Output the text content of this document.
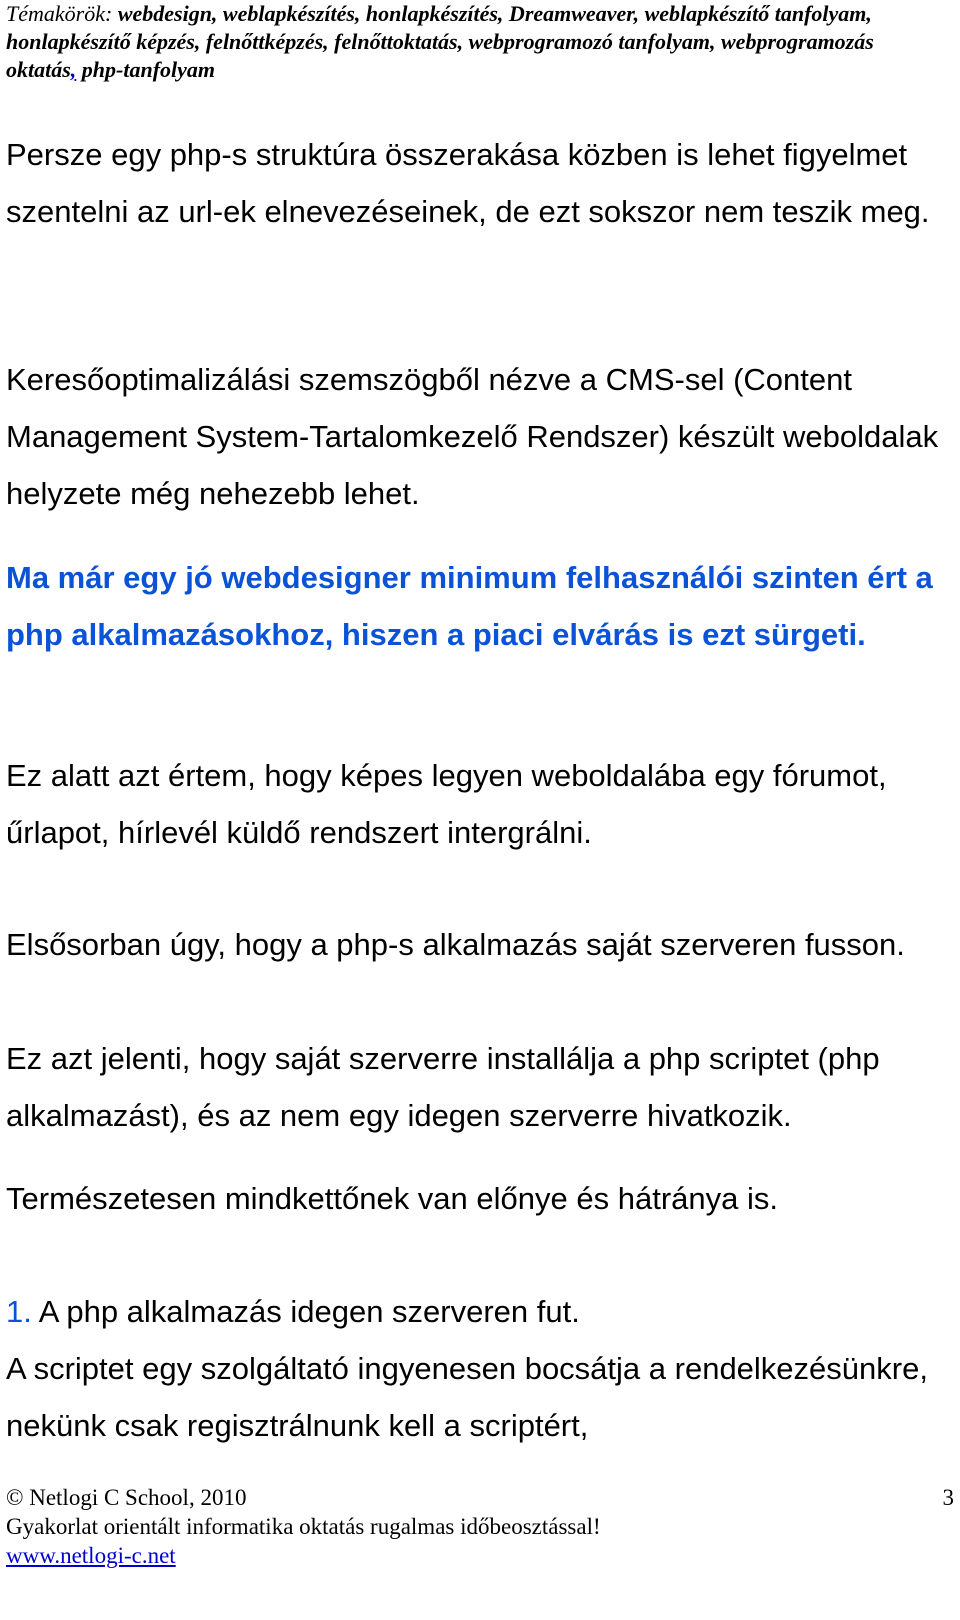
Témakörök: webdesign, weblapkészítés, honlapkészítés, Dreamweaver, weblapkészítő tanfolyam, honlapkészítő képzés, felnőttképzés, felnőttoktatás, webprogramozó tanfolyam, webprogramozás oktatás, php-tanfolyam

Persze egy php-s struktúra összerakása közben is lehet figyelmet szentelni az url-ek elnevezéseinek, de ezt sokszor nem teszik meg.

Keresőoptimalizálási szemszögből nézve a CMS-sel (Content Management System-Tartalomkezelő Rendszer) készült weboldalak helyzete még nehezebb lehet.

Ma már egy jó webdesigner minimum felhasználói szinten ért a php alkalmazásokhoz, hiszen a piaci elvárás is ezt sürgeti.

Ez alatt azt értem, hogy képes legyen weboldalába egy fórumot, űrlapot, hírlevél küldő rendszert intergrálni.

Elsősorban úgy, hogy a php-s alkalmazás saját szerveren fusson.

Ez azt jelenti, hogy saját szerverre installálja a php scriptet (php alkalmazást), és az nem egy idegen szerverre hivatkozik.

Természetesen mindkettőnek van előnye és hátránya is.

1. A php alkalmazás idegen szerveren fut.

A scriptet egy szolgáltató ingyenesen bocsátja a rendelkezésünkre, nekünk csak regisztrálnunk kell a scriptért,

© Netlogi C School, 2010	3
Gyakorlat orientált informatika oktatás rugalmas időbeosztással!
www.netlogi-c.net
